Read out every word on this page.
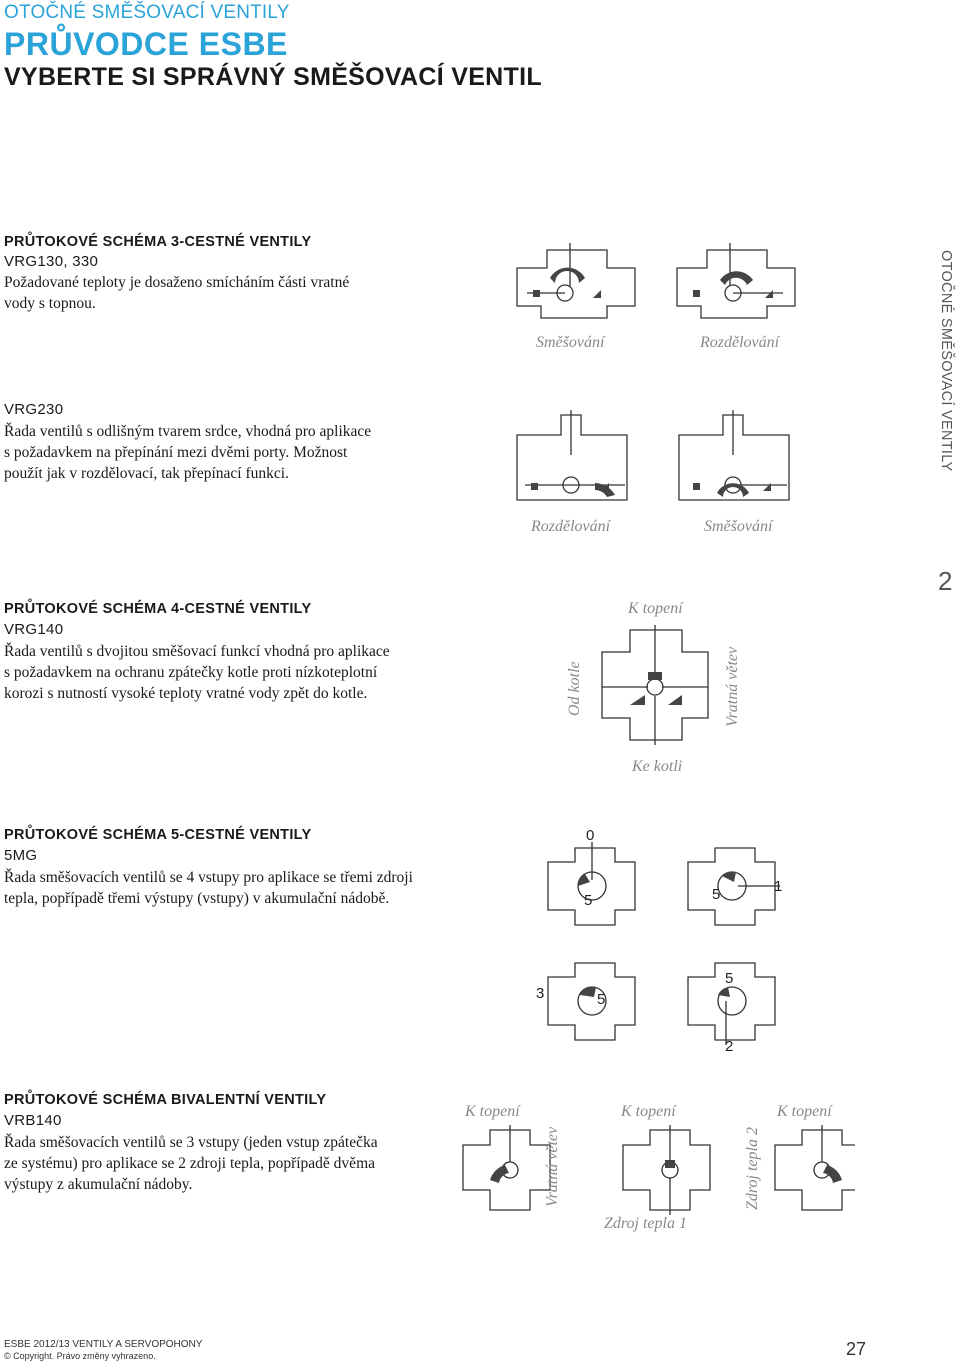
OTOČNÉ SMĚŠOVACÍ VENTILY
PRŮVODCE ESBE
VYBERTE SI SPRÁVNÝ SMĚŠOVACÍ VENTIL
OTOČNÉ SMĚŠOVACÍ VENTILY
2
PRŮTOKOVÉ SCHÉMA 3-CESTNÉ VENTILY
VRG130, 330
Požadované teploty je dosaženo smícháním části vratné
vody s topnou.
VRG230
Řada ventilů s odlišným tvarem srdce, vhodná pro aplikace
s požadavkem na přepínání mezi dvěmi porty. Možnost
použít jak v rozdělovací, tak přepínací funkci.
Směšování	Rozdělování
Rozdělování	Směšování
PRŮTOKOVÉ SCHÉMA 4-CESTNÉ VENTILY
VRG140
Řada ventilů s dvojitou směšovací funkcí vhodná pro aplikace
s požadavkem na ochranu zpátečky kotle proti nízkoteplotní
korozi s nutností vysoké teploty vratné vody zpět do kotle.
K topení
Od kotle	Vratná větev
Ke kotli
PRŮTOKOVÉ SCHÉMA 5-CESTNÉ VENTILY
5MG
Řada směšovacích ventilů se 4 vstupy pro aplikace se třemi zdroji
tepla, popřípadě třemi výstupy (vstupy) v akumulační nádobě.
0
5	5	1
3	5
5
2
PRŮTOKOVÉ SCHÉMA BIVALENTNÍ VENTILY
VRB140
Řada směšovacích ventilů se 3 vstupy (jeden vstup zpátečka
ze systému) pro aplikace se 2 zdroji tepla, popřípadě dvěma
výstupy z akumulační nádoby.
K topení	K topení	K topení
Vratná větev	Zdroj tepla 2
Zdroj tepla 1
ESBE 2012/13 VENTILY A SERVOPOHONY
© Copyright. Právo změny vyhrazeno.	27
